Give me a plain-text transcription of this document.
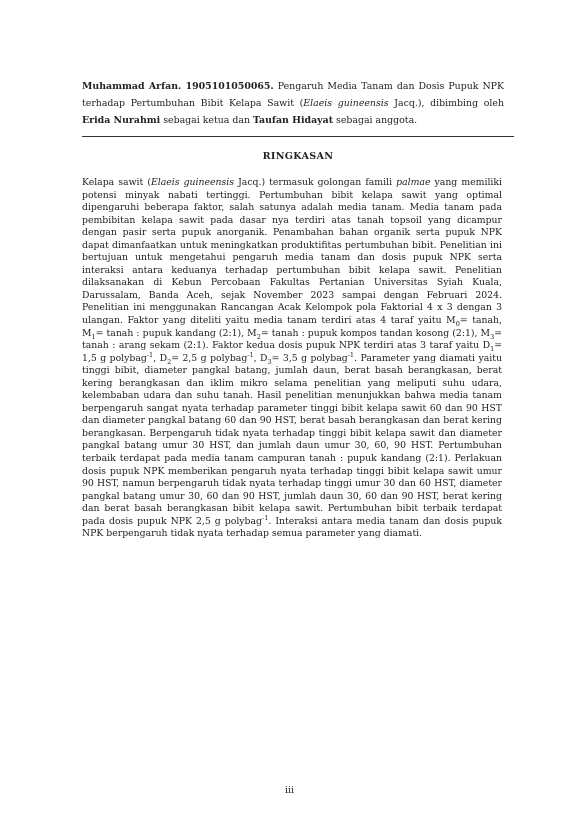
Muhammad Arfan. 1905101050065. Pengaruh Media Tanam dan Dosis Pupuk NPK terhadap Pertumbuhan Bibit Kelapa Sawit (Elaeis guineensis Jacq.), dibimbing oleh Erida Nurahmi sebagai ketua dan Taufan Hidayat sebagai anggota.
RINGKASAN

Kelapa sawit (Elaeis guineensis Jacq.) termasuk golongan famili palmae yang memiliki potensi minyak nabati tertinggi. Pertumbuhan bibit kelapa sawit yang optimal dipengaruhi beberapa faktor, salah satunya adalah media tanam. Media tanam pada pembibitan kelapa sawit pada dasar nya terdiri atas tanah topsoil yang dicampur dengan pasir serta pupuk anorganik. Penambahan bahan organik serta pupuk NPK dapat dimanfaatkan untuk meningkatkan produktifitas pertumbuhan bibit. Penelitian ini bertujuan untuk mengetahui pengaruh media tanam dan dosis pupuk NPK serta interaksi antara keduanya terhadap pertumbuhan bibit kelapa sawit. Penelitian dilaksanakan di Kebun Percobaan Fakultas Pertanian Universitas Syiah Kuala, Darussalam, Banda Aceh, sejak November 2023 sampai dengan Februari 2024. Penelitian ini menggunakan Rancangan Acak Kelompok pola Faktorial 4 x 3 dengan 3 ulangan. Faktor yang diteliti yaitu media tanam terdiri atas 4 taraf yaitu $M_0=$ tanah, $M_1=$ tanah : pupuk kandang (2:1), $M_2=$ tanah : pupuk kompos tandan kosong (2:1), $M_3=$ tanah : arang sekam (2:1). Faktor kedua dosis pupuk NPK terdiri atas 3 taraf yaitu $D_1= 1,5$ g polybag$^{-1}$, $D_2= 2,5$ g polybag$^{-1}$, $D_3= 3,5$ g polybag$^{-1}$. Parameter yang diamati yaitu tinggi bibit, diameter pangkal batang, jumlah daun, berat basah berangkasan, berat kering berangkasan dan iklim mikro selama penelitian yang meliputi suhu udara, kelembaban udara dan suhu tanah. Hasil penelitian menunjukkan bahwa media tanam berpengaruh sangat nyata terhadap parameter tinggi bibit kelapa sawit 60 dan 90 HST dan diameter pangkal batang 60 dan 90 HST, berat basah berangkasan dan berat kering berangkasan. Berpengaruh tidak nyata terhadap tinggi bibit kelapa sawit dan diameter pangkal batang umur 30 HST, dan jumlah daun umur 30, 60, 90 HST. Pertumbuhan terbaik terdapat pada media tanam campuran tanah : pupuk kandang (2:1). Perlakuan dosis pupuk NPK memberikan pengaruh nyata terhadap tinggi bibit kelapa sawit umur 90 HST, namun berpengaruh tidak nyata terhadap tinggi umur 30 dan 60 HST, diameter pangkal batang umur 30, 60 dan 90 HST, jumlah daun 30, 60 dan 90 HST, berat kering dan berat basah berangkasan bibit kelapa sawit. Pertumbuhan bibit terbaik terdapat pada dosis pupuk NPK 2,5 g polybag$^{-1}$. Interaksi antara media tanam dan dosis pupuk NPK berpengaruh tidak nyata terhadap semua parameter yang diamati.

iii
